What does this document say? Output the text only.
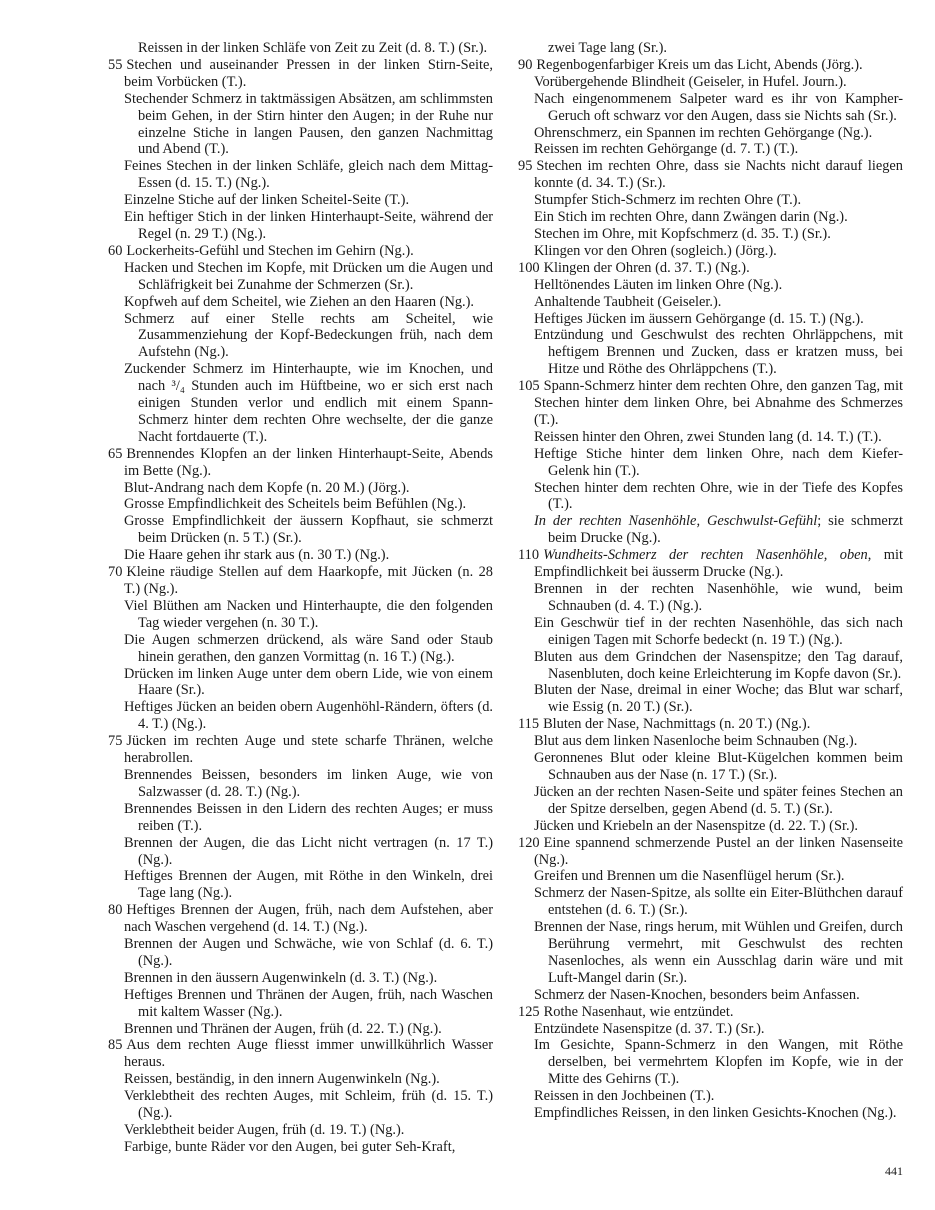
Reissen in der linken Schläfe von Zeit zu Zeit (d. 8. T.) (Sr.).

55 Stechen und auseinander Pressen in der linken Stirn-Seite, beim Vorbücken (T.).

Stechender Schmerz in taktmässigen Absätzen, am schlimmsten beim Gehen, in der Stirn hinter den Augen; in der Ruhe nur einzelne Stiche in langen Pausen, den ganzen Nachmittag und Abend (T.).

Feines Stechen in der linken Schläfe, gleich nach dem Mittag-Essen (d. 15. T.) (Ng.).

Einzelne Stiche auf der linken Scheitel-Seite (T.).

Ein heftiger Stich in der linken Hinterhaupt-Seite, während der Regel (n. 29 T.) (Ng.).

60 Lockerheits-Gefühl und Stechen im Gehirn (Ng.).

Hacken und Stechen im Kopfe, mit Drücken um die Augen und Schläfrigkeit bei Zunahme der Schmerzen (Sr.).

Kopfweh auf dem Scheitel, wie Ziehen an den Haaren (Ng.).

Schmerz auf einer Stelle rechts am Scheitel, wie Zusammenziehung der Kopf-Bedeckungen früh, nach dem Aufstehn (Ng.).

Zuckender Schmerz im Hinterhaupte, wie im Knochen, und nach ³/₄ Stunden auch im Hüftbeine, wo er sich erst nach einigen Stunden verlor und endlich mit einem Spann-Schmerz hinter dem rechten Ohre wechselte, der die ganze Nacht fortdauerte (T.).

65 Brennendes Klopfen an der linken Hinterhaupt-Seite, Abends im Bette (Ng.).

Blut-Andrang nach dem Kopfe (n. 20 M.) (Jörg.).

Grosse Empfindlichkeit des Scheitels beim Befühlen (Ng.).

Grosse Empfindlichkeit der äussern Kopfhaut, sie schmerzt beim Drücken (n. 5 T.) (Sr.).

Die Haare gehen ihr stark aus (n. 30 T.) (Ng.).

70 Kleine räudige Stellen auf dem Haarkopfe, mit Jücken (n. 28 T.) (Ng.).

Viel Blüthen am Nacken und Hinterhaupte, die den folgenden Tag wieder vergehen (n. 30 T.).

Die Augen schmerzen drückend, als wäre Sand oder Staub hinein gerathen, den ganzen Vormittag (n. 16 T.) (Ng.).

Drücken im linken Auge unter dem obern Lide, wie von einem Haare (Sr.).

Heftiges Jücken an beiden obern Augenhöhl-Rändern, öfters (d. 4. T.) (Ng.).

75 Jücken im rechten Auge und stete scharfe Thränen, welche herabrollen.

Brennendes Beissen, besonders im linken Auge, wie von Salzwasser (d. 28. T.) (Ng.).

Brennendes Beissen in den Lidern des rechten Auges; er muss reiben (T.).

Brennen der Augen, die das Licht nicht vertragen (n. 17 T.) (Ng.).

Heftiges Brennen der Augen, mit Röthe in den Winkeln, drei Tage lang (Ng.).

80 Heftiges Brennen der Augen, früh, nach dem Aufstehen, aber nach Waschen vergehend (d. 14. T.) (Ng.).

Brennen der Augen und Schwäche, wie von Schlaf (d. 6. T.) (Ng.).

Brennen in den äussern Augenwinkeln (d. 3. T.) (Ng.).

Heftiges Brennen und Thränen der Augen, früh, nach Waschen mit kaltem Wasser (Ng.).

Brennen und Thränen der Augen, früh (d. 22. T.) (Ng.).

85 Aus dem rechten Auge fliesst immer unwillkührlich Wasser heraus.

Reissen, beständig, in den innern Augenwinkeln (Ng.).

Verklebtheit des rechten Auges, mit Schleim, früh (d. 15. T.) (Ng.).

Verklebtheit beider Augen, früh (d. 19. T.) (Ng.).

Farbige, bunte Räder vor den Augen, bei guter Seh-Kraft,

zwei Tage lang (Sr.).

90 Regenbogenfarbiger Kreis um das Licht, Abends (Jörg.).

Vorübergehende Blindheit (Geiseler, in Hufel. Journ.).

Nach eingenommenem Salpeter ward es ihr von Kampher-Geruch oft schwarz vor den Augen, dass sie Nichts sah (Sr.).

Ohrenschmerz, ein Spannen im rechten Gehörgange (Ng.).

Reissen im rechten Gehörgange (d. 7. T.) (T.).

95 Stechen im rechten Ohre, dass sie Nachts nicht darauf liegen konnte (d. 34. T.) (Sr.).

Stumpfer Stich-Schmerz im rechten Ohre (T.).

Ein Stich im rechten Ohre, dann Zwängen darin (Ng.).

Stechen im Ohre, mit Kopfschmerz (d. 35. T.) (Sr.).

Klingen vor den Ohren (sogleich.) (Jörg.).

100 Klingen der Ohren (d. 37. T.) (Ng.).

Helltönendes Läuten im linken Ohre (Ng.).

Anhaltende Taubheit (Geiseler.).

Heftiges Jücken im äussern Gehörgange (d. 15. T.) (Ng.).

Entzündung und Geschwulst des rechten Ohrläppchens, mit heftigem Brennen und Zucken, dass er kratzen muss, bei Hitze und Röthe des Ohrläppchens (T.).

105 Spann-Schmerz hinter dem rechten Ohre, den ganzen Tag, mit Stechen hinter dem linken Ohre, bei Abnahme des Schmerzes (T.).

Reissen hinter den Ohren, zwei Stunden lang (d. 14. T.) (T.).

Heftige Stiche hinter dem linken Ohre, nach dem Kiefer-Gelenk hin (T.).

Stechen hinter dem rechten Ohre, wie in der Tiefe des Kopfes (T.).

In der rechten Nasenhöhle, Geschwulst-Gefühl; sie schmerzt beim Drucke (Ng.).

110 Wundheits-Schmerz der rechten Nasenhöhle, oben, mit Empfindlichkeit bei äusserm Drucke (Ng.).

Brennen in der rechten Nasenhöhle, wie wund, beim Schnauben (d. 4. T.) (Ng.).

Ein Geschwür tief in der rechten Nasenhöhle, das sich nach einigen Tagen mit Schorfe bedeckt (n. 19 T.) (Ng.).

Bluten aus dem Grindchen der Nasenspitze; den Tag darauf, Nasenbluten, doch keine Erleichterung im Kopfe davon (Sr.).

Bluten der Nase, dreimal in einer Woche; das Blut war scharf, wie Essig (n. 20 T.) (Sr.).

115 Bluten der Nase, Nachmittags (n. 20 T.) (Ng.).

Blut aus dem linken Nasenloche beim Schnauben (Ng.).

Geronnenes Blut oder kleine Blut-Kügelchen kommen beim Schnauben aus der Nase (n. 17 T.) (Sr.).

Jücken an der rechten Nasen-Seite und später feines Stechen an der Spitze derselben, gegen Abend (d. 5. T.) (Sr.).

Jücken und Kriebeln an der Nasenspitze (d. 22. T.) (Sr.).

120 Eine spannend schmerzende Pustel an der linken Nasenseite (Ng.).

Greifen und Brennen um die Nasenflügel herum (Sr.).

Schmerz der Nasen-Spitze, als sollte ein Eiter-Blüthchen darauf entstehen (d. 6. T.) (Sr.).

Brennen der Nase, rings herum, mit Wühlen und Greifen, durch Berührung vermehrt, mit Geschwulst des rechten Nasenloches, als wenn ein Ausschlag darin wäre und mit Luft-Mangel darin (Sr.).

Schmerz der Nasen-Knochen, besonders beim Anfassen.

125 Rothe Nasenhaut, wie entzündet.

Entzündete Nasenspitze (d. 37. T.) (Sr.).

Im Gesichte, Spann-Schmerz in den Wangen, mit Röthe derselben, bei vermehrtem Klopfen im Kopfe, wie in der Mitte des Gehirns (T.).

Reissen in den Jochbeinen (T.).

Empfindliches Reissen, in den linken Gesichts-Knochen (Ng.).

441
